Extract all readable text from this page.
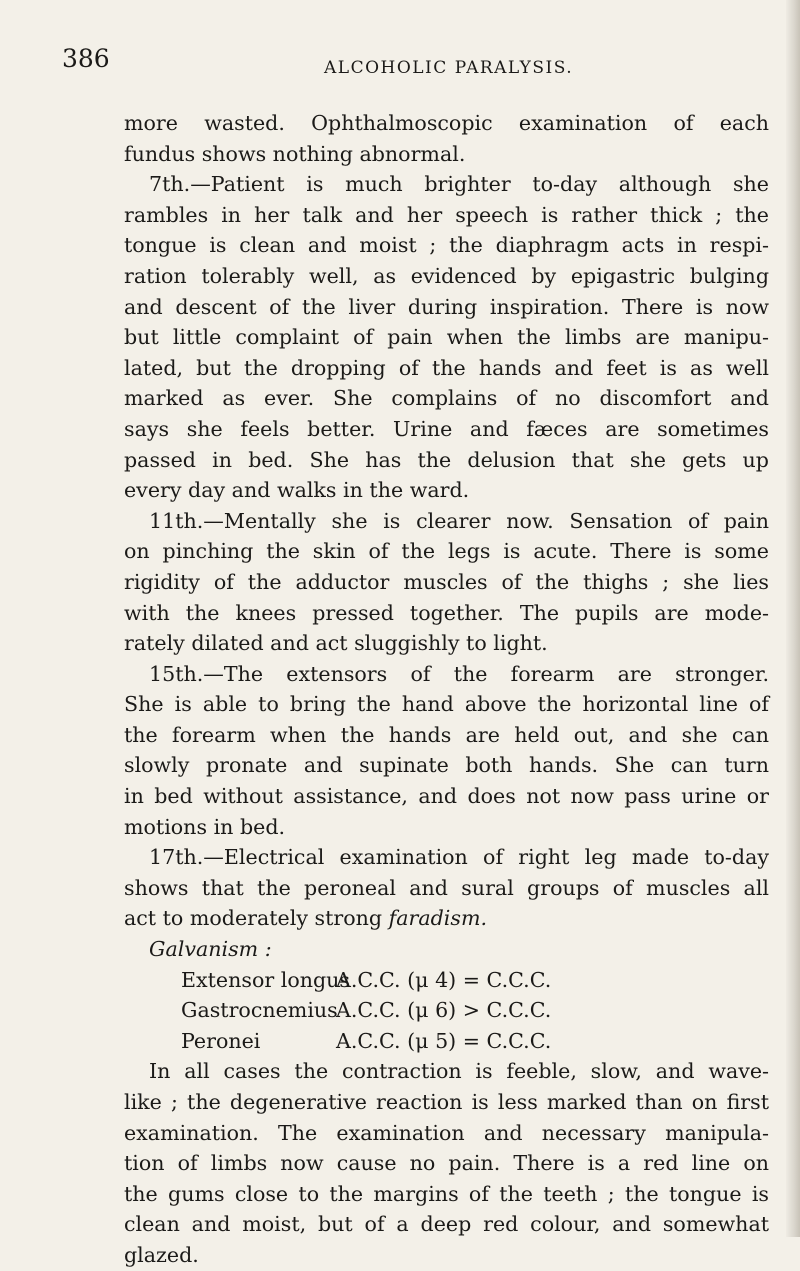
386	ALCOHOLIC PARALYSIS.
more wasted. Ophthalmoscopic examination of each
fundus shows nothing abnormal.
7th.—Patient is much brighter to-day although she
rambles in her talk and her speech is rather thick ; the
tongue is clean and moist ; the diaphragm acts in respi-
ration tolerably well, as evidenced by epigastric bulging
and descent of the liver during inspiration. There is now
but little complaint of pain when the limbs are manipu-
lated, but the dropping of the hands and feet is as well
marked as ever. She complains of no discomfort and
says she feels better. Urine and fæces are sometimes
passed in bed. She has the delusion that she gets up
every day and walks in the ward.
11th.—Mentally she is clearer now. Sensation of pain
on pinching the skin of the legs is acute. There is some
rigidity of the adductor muscles of the thighs ; she lies
with the knees pressed together. The pupils are mode-
rately dilated and act sluggishly to light.
15th.—The extensors of the forearm are stronger.
She is able to bring the hand above the horizontal line of
the forearm when the hands are held out, and she can
slowly pronate and supinate both hands. She can turn
in bed without assistance, and does not now pass urine or
motions in bed.
17th.—Electrical examination of right leg made to-day
shows that the peroneal and sural groups of muscles all
act to moderately strong faradism.
Galvanism :
Extensor longusA.C.C. (μ 4) = C.C.C.
GastrocnemiusA.C.C. (μ 6) > C.C.C.
Peronei	A.C.C. (μ 5) = C.C.C.
In all cases the contraction is feeble, slow, and wave-
like ; the degenerative reaction is less marked than on first
examination. The examination and necessary manipula-
tion of limbs now cause no pain. There is a red line on
the gums close to the margins of the teeth ; the tongue is
clean and moist, but of a deep red colour, and somewhat
glazed.
